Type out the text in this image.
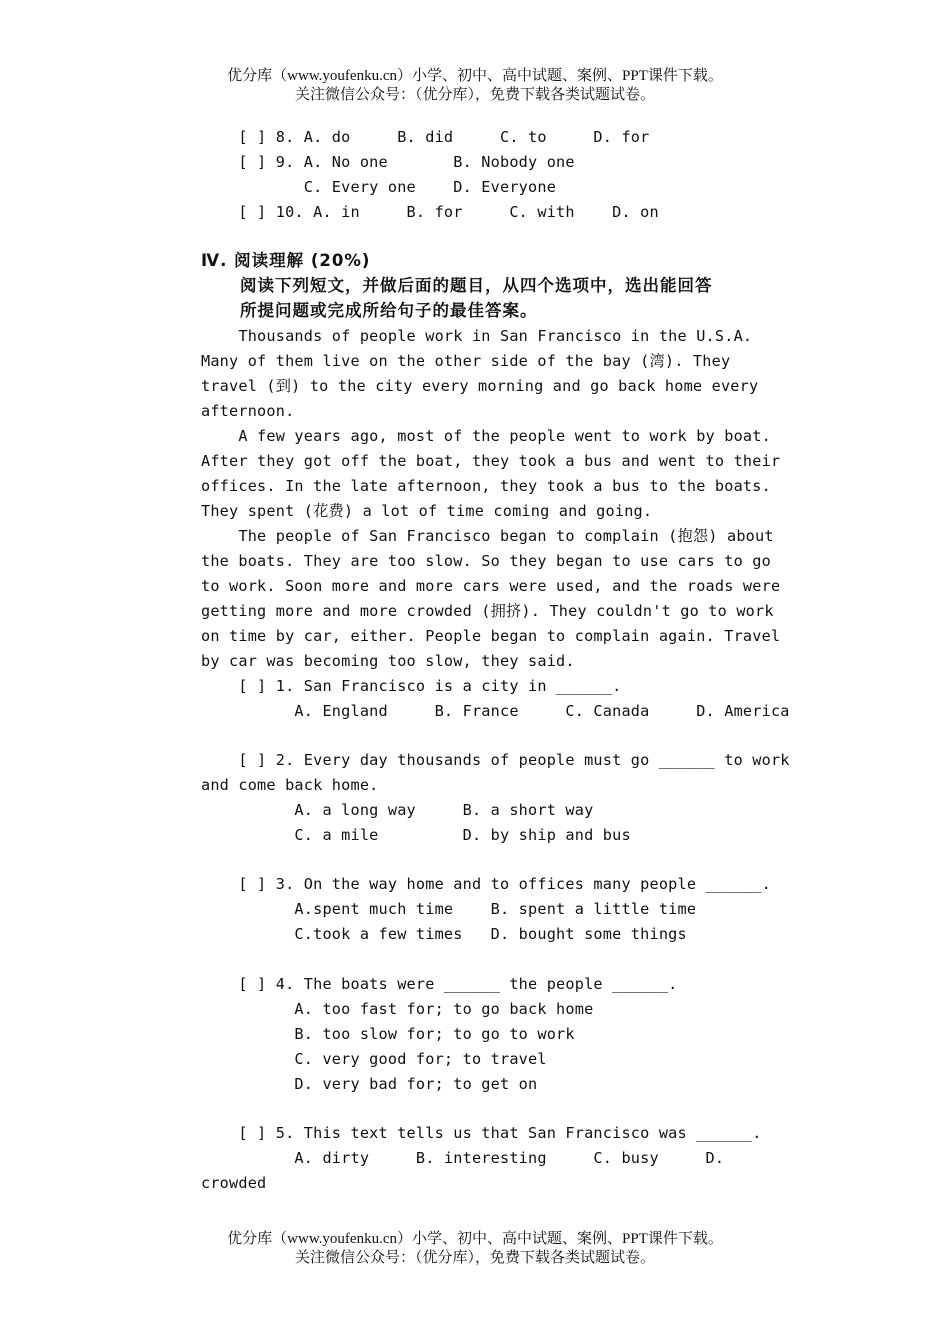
优分库（www.youfenku.cn）小学、初中、高中试题、案例、PPT课件下载。
关注微信公众号：（优分库），免费下载各类试题试卷。
[ ] 8. A. do     B. did     C. to     D. for
[ ] 9. A. No one       B. Nobody one
C. Every one    D. Everyone
[ ] 10. A. in     B. for     C. with    D. on
Ⅳ. 阅读理解 (20%)
阅读下列短文，并做后面的题目，从四个选项中，选出能回答
所提问题或完成所给句子的最佳答案。
Thousands of people work in San Francisco in the U.S.A.
Many of them live on the other side of the bay (湾). They
travel (到) to the city every morning and go back home every
afternoon.
A few years ago, most of the people went to work by boat.
After they got off the boat, they took a bus and went to their
offices. In the late afternoon, they took a bus to the boats.
They spent (花费) a lot of time coming and going.
The people of San Francisco began to complain (抱怨) about
the boats. They are too slow. So they began to use cars to go
to work. Soon more and more cars were used, and the roads were
getting more and more crowded (拥挤). They couldn't go to work
on time by car, either. People began to complain again. Travel
by car was becoming too slow, they said.
[ ] 1. San Francisco is a city in ______.
A. England     B. France     C. Canada     D. America
[ ] 2. Every day thousands of people must go ______ to work
and come back home.
A. a long way     B. a short way
C. a mile         D. by ship and bus
[ ] 3. On the way home and to offices many people ______.
A.spent much time    B. spent a little time
C.took a few times   D. bought some things
[ ] 4. The boats were ______ the people ______.
A. too fast for; to go back home
B. too slow for; to go to work
C. very good for; to travel
D. very bad for; to get on
[ ] 5. This text tells us that San Francisco was ______.
A. dirty     B. interesting     C. busy     D.
crowded
优分库（www.youfenku.cn）小学、初中、高中试题、案例、PPT课件下载。
关注微信公众号：（优分库），免费下载各类试题试卷。
